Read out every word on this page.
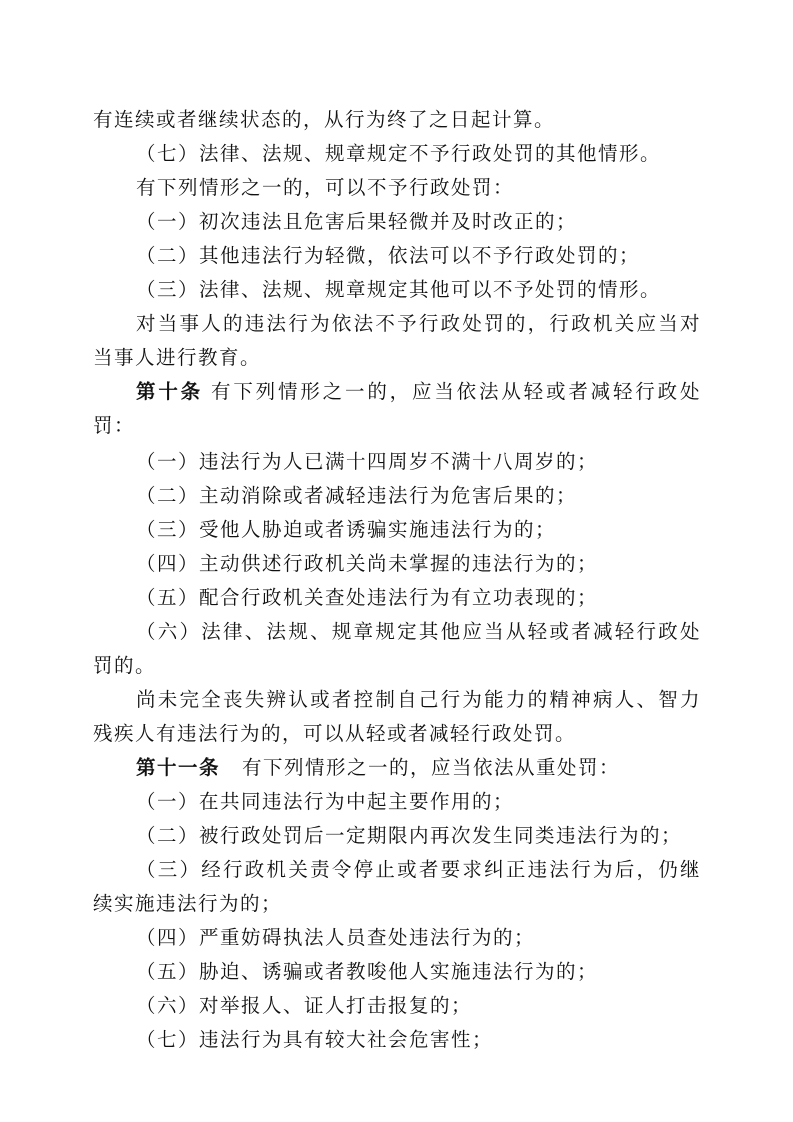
有连续或者继续状态的，从行为终了之日起计算。
（七）法律、法规、规章规定不予行政处罚的其他情形。
有下列情形之一的，可以不予行政处罚：
（一）初次违法且危害后果轻微并及时改正的；
（二）其他违法行为轻微，依法可以不予行政处罚的；
（三）法律、法规、规章规定其他可以不予处罚的情形。
对当事人的违法行为依法不予行政处罚的，行政机关应当对
当事人进行教育。
第十条 有下列情形之一的，应当依法从轻或者减轻行政处
罚：
（一）违法行为人已满十四周岁不满十八周岁的；
（二）主动消除或者减轻违法行为危害后果的；
（三）受他人胁迫或者诱骗实施违法行为的；
（四）主动供述行政机关尚未掌握的违法行为的；
（五）配合行政机关查处违法行为有立功表现的；
（六）法律、法规、规章规定其他应当从轻或者减轻行政处
罚的。
尚未完全丧失辨认或者控制自己行为能力的精神病人、智力
残疾人有违法行为的，可以从轻或者减轻行政处罚。
第十一条 有下列情形之一的，应当依法从重处罚：
（一）在共同违法行为中起主要作用的；
（二）被行政处罚后一定期限内再次发生同类违法行为的；
（三）经行政机关责令停止或者要求纠正违法行为后，仍继
续实施违法行为的；
（四）严重妨碍执法人员查处违法行为的；
（五）胁迫、诱骗或者教唆他人实施违法行为的；
（六）对举报人、证人打击报复的；
（七）违法行为具有较大社会危害性；
